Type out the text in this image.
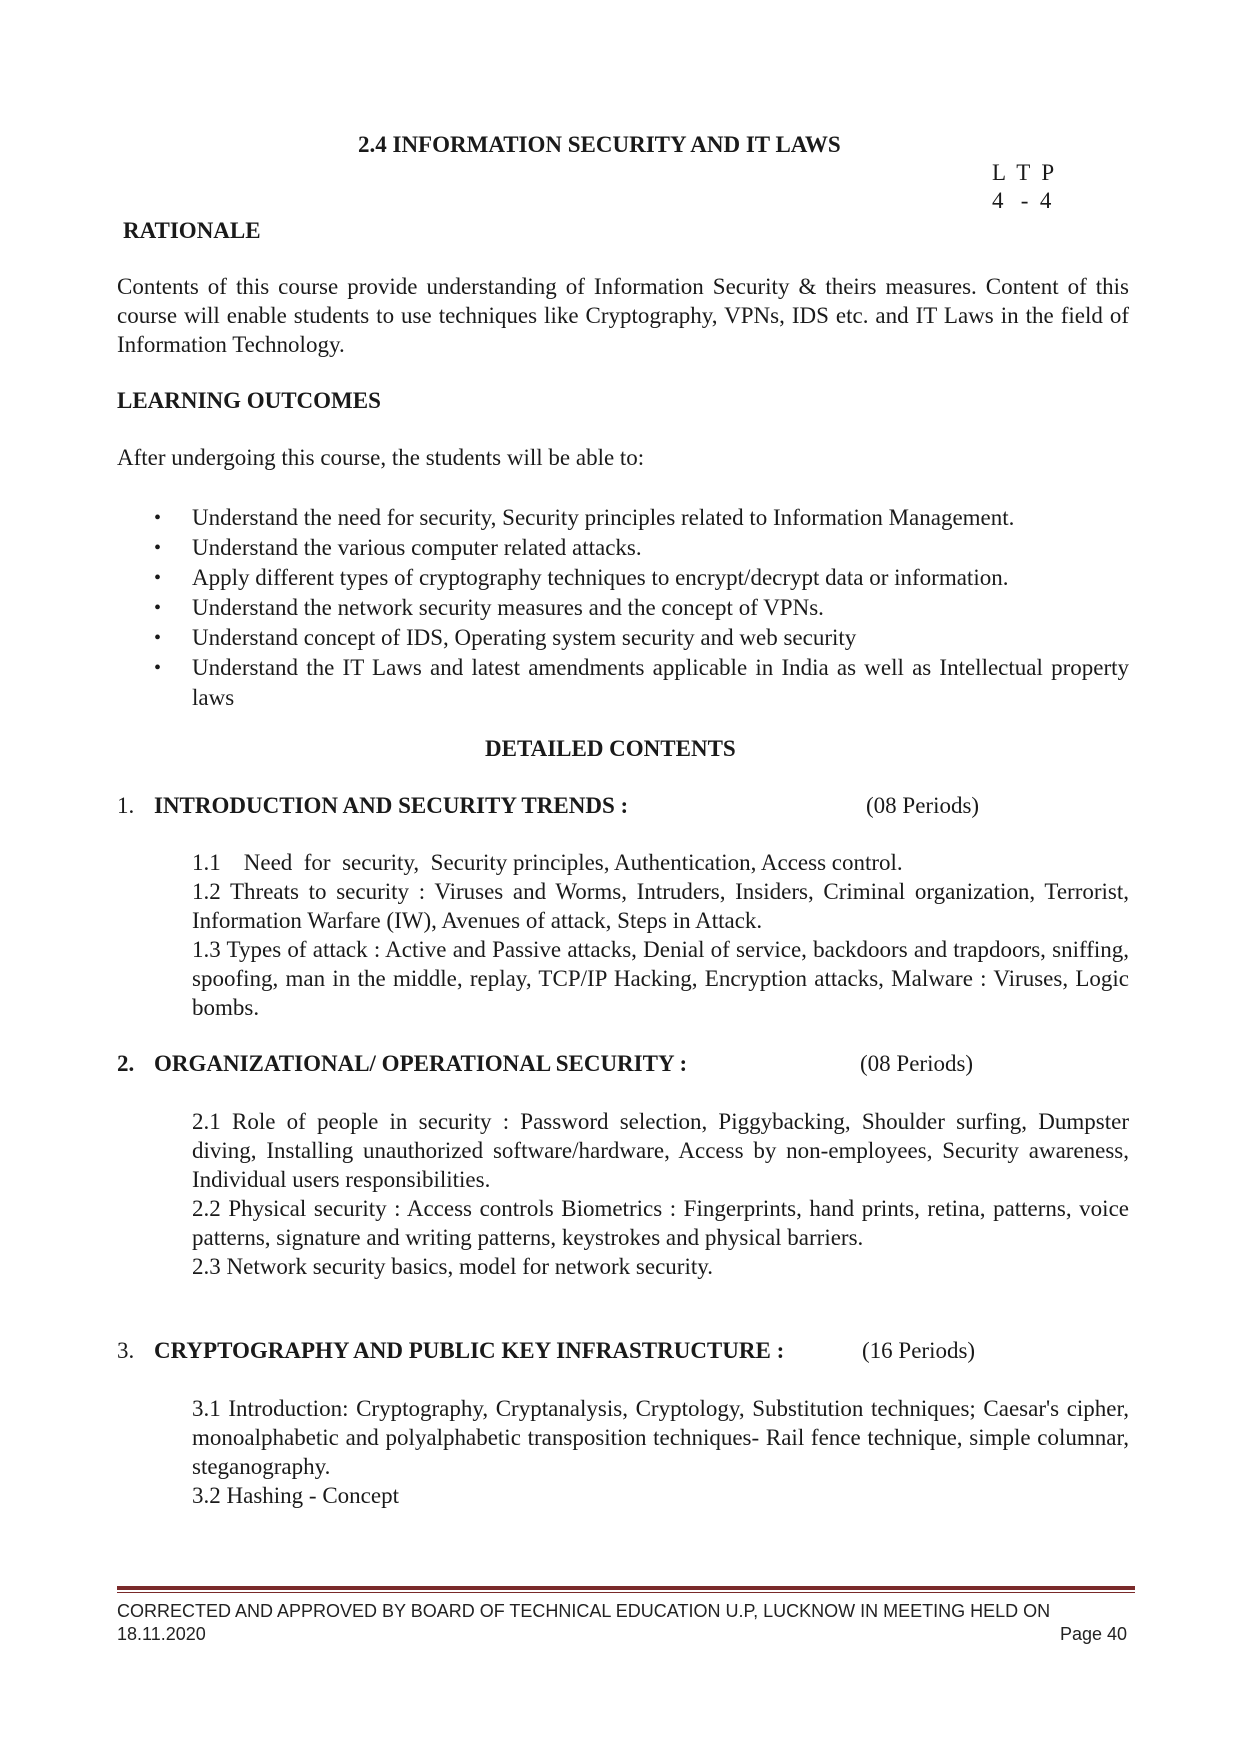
2.4 INFORMATION SECURITY AND IT LAWS
L  T  P
4   -  4
RATIONALE

Contents of this course provide understanding of Information Security & theirs measures. Content of this course will enable students to use techniques like Cryptography, VPNs, IDS etc. and IT Laws in the field of Information Technology.

LEARNING OUTCOMES
After undergoing this course, the students will be able to:
• Understand the need for security, Security principles related to Information Management.
• Understand the various computer related attacks.
• Apply different types of cryptography techniques to encrypt/decrypt data or information.
• Understand the network security measures and the concept of VPNs.
• Understand concept of IDS, Operating system security and web security
• Understand the IT Laws and latest amendments applicable in India as well as Intellectual property laws
DETAILED CONTENTS
1. INTRODUCTION AND SECURITY TRENDS :	(08 Periods)
1.1    Need  for  security,  Security principles, Authentication, Access control.

1.2 Threats to security : Viruses and Worms, Intruders, Insiders, Criminal organization, Terrorist, Information Warfare (IW), Avenues of attack, Steps in Attack.

1.3 Types of attack : Active and Passive attacks, Denial of service, backdoors and trapdoors, sniffing, spoofing, man in the middle, replay, TCP/IP Hacking, Encryption attacks, Malware : Viruses, Logic bombs.

2. ORGANIZATIONAL/ OPERATIONAL SECURITY :	(08 Periods)

2.1 Role of people in security : Password selection, Piggybacking, Shoulder surfing, Dumpster diving, Installing unauthorized software/hardware, Access by non-employees, Security awareness, Individual users responsibilities.

2.2 Physical security : Access controls Biometrics : Fingerprints, hand prints, retina, patterns, voice patterns, signature and writing patterns, keystrokes and physical barriers.

2.3 Network security basics, model for network security.
3. CRYPTOGRAPHY AND PUBLIC KEY INFRASTRUCTURE :	(16 Periods)

3.1 Introduction: Cryptography, Cryptanalysis, Cryptology, Substitution techniques; Caesar's cipher, monoalphabetic and polyalphabetic transposition techniques- Rail fence technique, simple columnar, steganography.

3.2 Hashing - Concept
CORRECTED AND APPROVED BY BOARD OF TECHNICAL EDUCATION U.P, LUCKNOW IN MEETING HELD ON
18.11.2020	Page 40
